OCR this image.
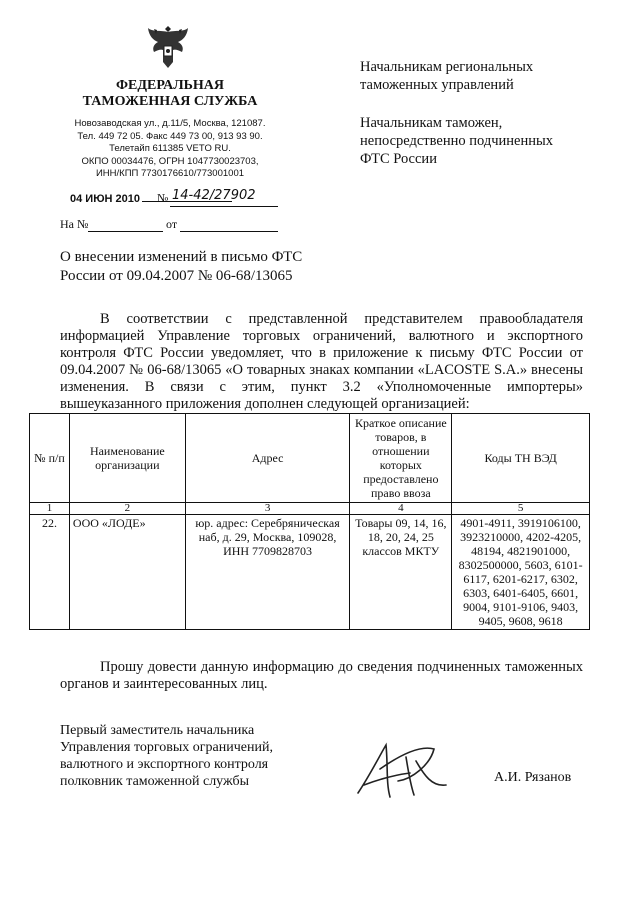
ФЕДЕРАЛЬНАЯ
ТАМОЖЕННАЯ СЛУЖБА
Новозаводская ул., д.11/5, Москва, 121087.
Тел. 449 72 05. Факс 449 73 00, 913 93 90.
Телетайп 611385 VETO RU.
ОКПО 00034476, ОГРН 1047730023703,
ИНН/КПП 7730176610/773001001
04 ИЮН 2010 № 14-42/27902
На №	от
Начальникам региональных
таможенных управлений
Начальникам таможен,
непосредственно подчиненных
ФТС России
О внесении изменений в письмо ФТС
России от 09.04.2007 № 06-68/13065

В соответствии с представленной представителем правообладателя информацией Управление торговых ограничений, валютного и экспортного контроля ФТС России уведомляет, что в приложение к письму ФТС России от 09.04.2007 № 06-68/13065 «О товарных знаках компании «LACOSTE S.A.» внесены изменения. В связи с этим, пункт 3.2 «Уполномоченные импортеры» вышеуказанного приложения дополнен следующей организацией:

№ п/п	Наименование организации	Адрес	Краткое описание товаров, в отношении которых предоставлено право ввоза	Коды ТН ВЭД
1	2	3	4	5
22.	ООО «ЛОДЕ»	юр. адрес: Серебряническая наб, д. 29, Москва, 109028, ИНН 7709828703	Товары 09, 14, 16, 18, 20, 24, 25 классов МКТУ	4901-4911, 3919106100, 3923210000, 4202-4205, 48194, 4821901000, 8302500000, 5603, 6101-6117, 6201-6217, 6302, 6303, 6401-6405, 6601, 9004, 9101-9106, 9403, 9405, 9608, 9618

Прошу довести данную информацию до сведения подчиненных таможенных органов и заинтересованных лиц.

Первый заместитель начальника
Управления торговых ограничений,
валютного и экспортного контроля
полковник таможенной службы	А.И. Рязанов
